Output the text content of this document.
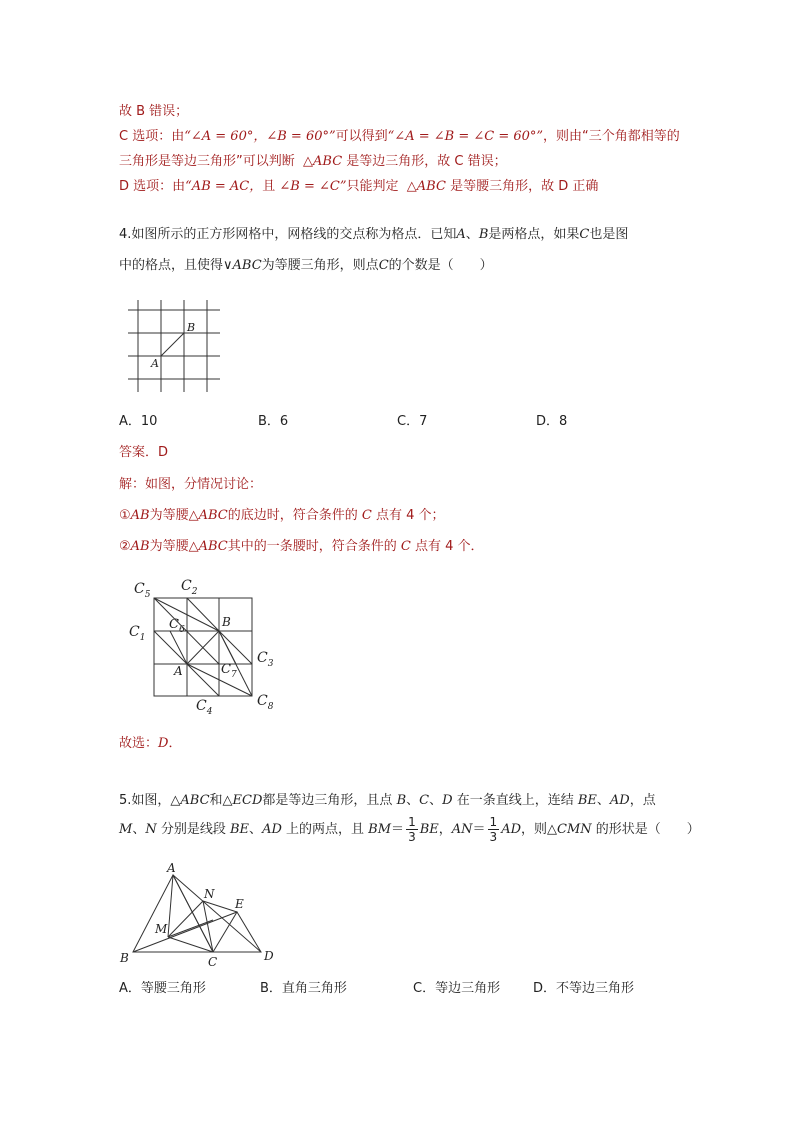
故 B 错误；
C 选项：由“∠A = 60°，∠B = 60°”可以得到“∠A = ∠B = ∠C = 60°”，则由“三个角都相等的
三角形是等边三角形”可以判断 △ABC 是等边三角形，故 C 错误；
D 选项：由“AB = AC，且 ∠B = ∠C”只能判定 △ABC 是等腰三角形，故 D 正确
4.如图所示的正方形网格中，网格线的交点称为格点．已知A、B是两格点，如果C也是图
中的格点，且使得∨ABC为等腰三角形，则点C的个数是（　　）
A
B
A．10	B．6	C．7	D．8
答案．D
解：如图，分情况讨论：
①AB为等腰△ABC的底边时，符合条件的 C 点有 4 个；
②AB为等腰△ABC其中的一条腰时，符合条件的 C 点有 4 个．
$C_5$
$C_2$
$C_1$
$C_6$
B
$C_3$
A	$C_7$
$C_4$
$C_8$
故选：D．
5.如图，△ABC和△ECD都是等边三角形，且点 B、C、D 在一条直线上，连结 BE、AD，点
M、N 分别是线段 BE、AD 上的两点，且 $BM= \frac{1}{3}$ BE，$AN= \frac{1}{3}$ AD，则△CMN 的形状是（　　）
A
N
E
M
B	C	D
A．等腰三角形	B．直角三角形	C．等边三角形	D．不等边三角形
